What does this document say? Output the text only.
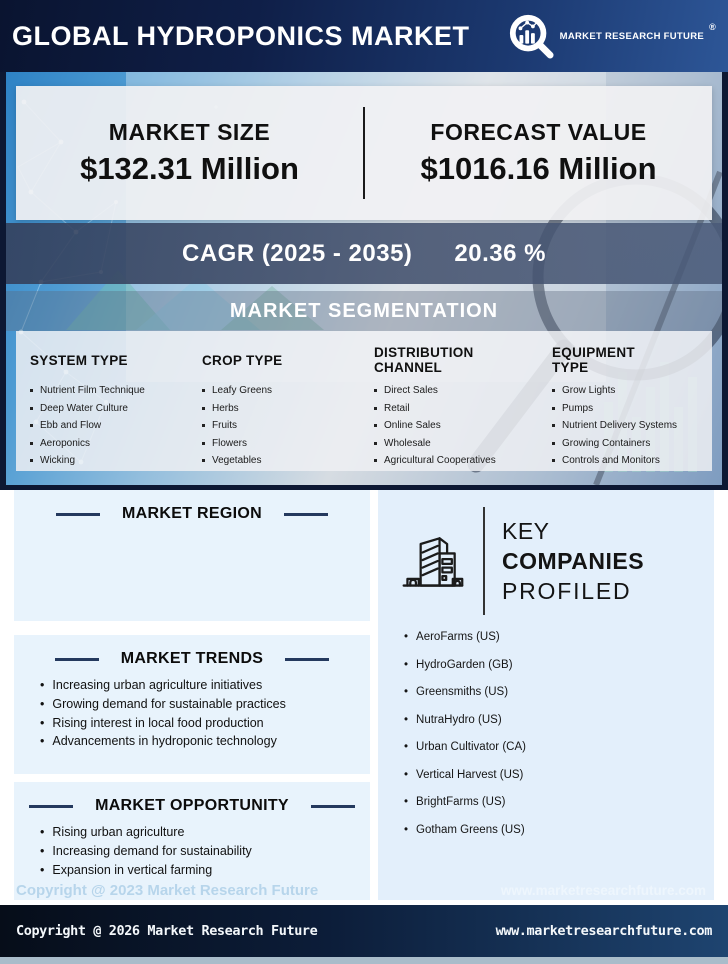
GLOBAL HYDROPONICS MARKET	MARKET RESEARCH FUTURE
®
MARKET SIZE
$132.31 Million
FORECAST VALUE
$1016.16 Million
CAGR (2025 - 2035) 20.36 %
MARKET SEGMENTATION
SYSTEM TYPE
Nutrient Film Technique
Deep Water Culture
Ebb and Flow
Aeroponics
Wicking
CROP TYPE
Leafy Greens
Herbs
Fruits
Flowers
Vegetables
DISTRIBUTION CHANNEL
Direct Sales
Retail
Online Sales
Wholesale
Agricultural Cooperatives
EQUIPMENT TYPE
Grow Lights
Pumps
Nutrient Delivery Systems
Growing Containers
Controls and Monitors
MARKET REGION
MARKET TRENDS
• Increasing urban agriculture initiatives
• Growing demand for sustainable practices
• Rising interest in local food production
• Advancements in hydroponic technology
MARKET OPPORTUNITY
• Rising urban agriculture
• Increasing demand for sustainability
• Expansion in vertical farming
Copyright @ 2023 Market Research Future
KEY
COMPANIES
PROFILED
• AeroFarms (US)
• HydroGarden (GB)
• Greensmiths (US)
• NutraHydro (US)
• Urban Cultivator (CA)
• Vertical Harvest (US)
• BrightFarms (US)
• Gotham Greens (US)
www.marketresearchfuture.com
Copyright @ 2026 Market Research Future	www.marketresearchfuture.com
